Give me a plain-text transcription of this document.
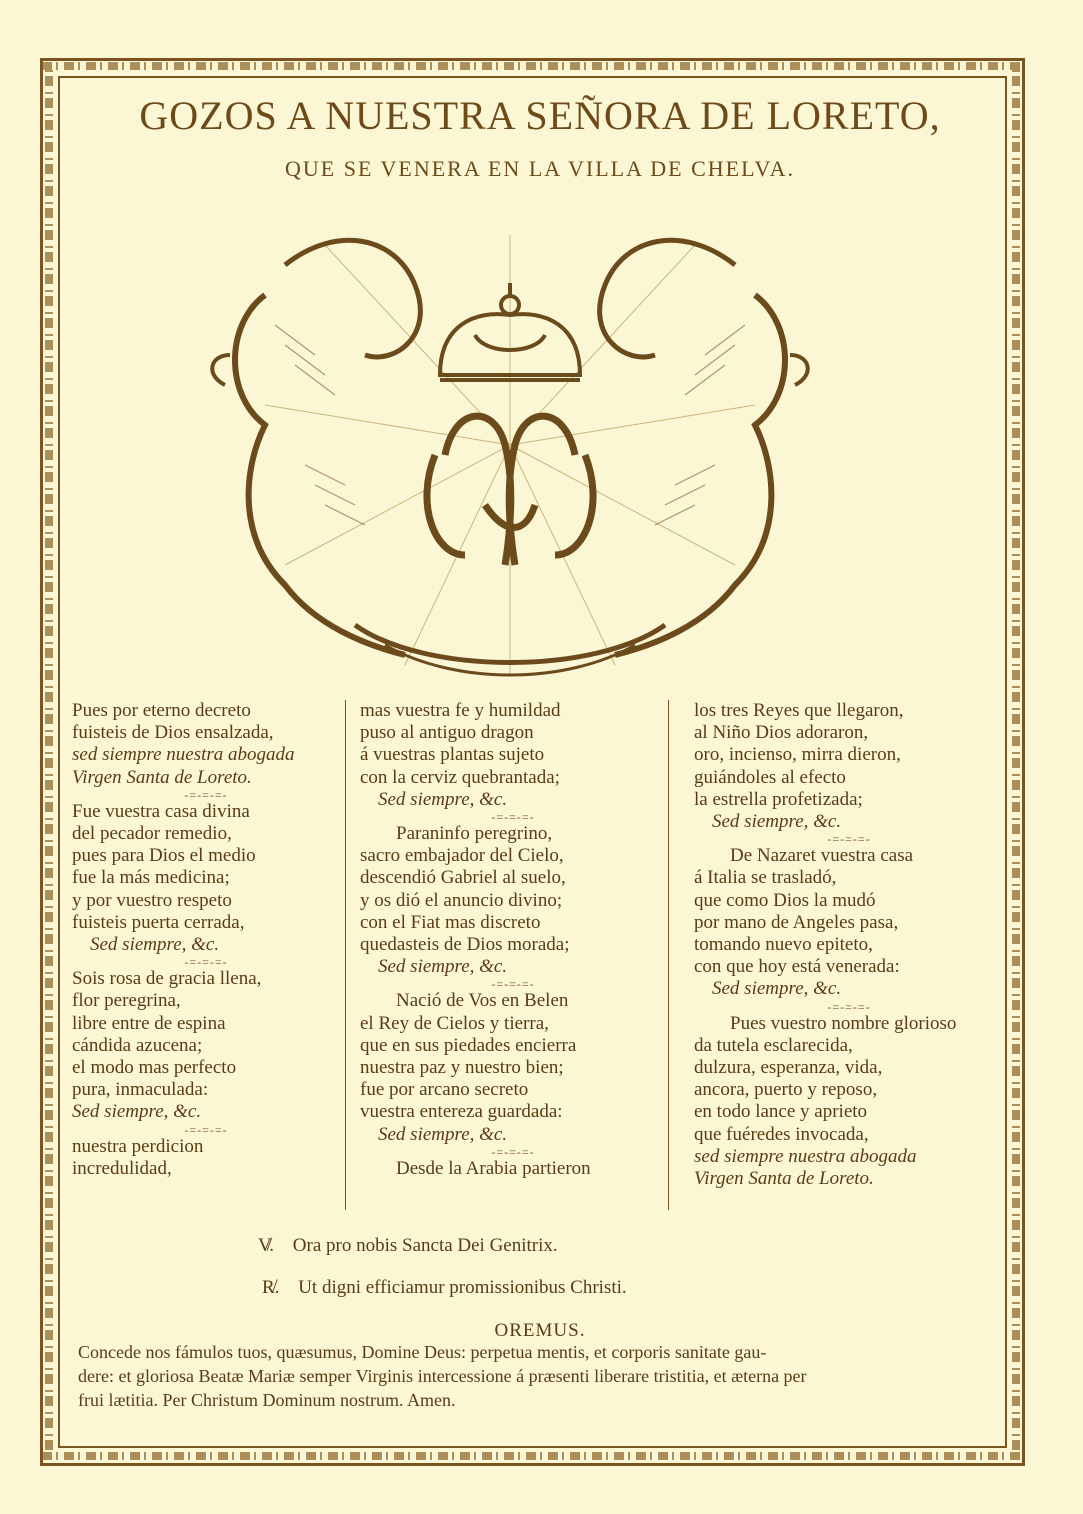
GOZOS A NUESTRA SEÑORA DE LORETO,
QUE SE VENERA EN LA VILLA DE CHELVA.
Pues por eterno decreto
fuisteis de Dios ensalzada,
sed siempre nuestra abogada
Virgen Santa de Loreto.
-=-=-=-
Fue vuestra casa divina
del pecador remedio,
pues para Dios el medio
fue la más medicina;
y por vuestro respeto
fuisteis puerta cerrada,
Sed siempre, &c.
-=-=-=-
Sois rosa de gracia llena,
flor peregrina,
libre entre de espina
cándida azucena;
el modo mas perfecto
pura, inmaculada:
Sed siempre, &c.
-=-=-=-
nuestra perdicion
incredulidad,
mas vuestra fe y humildad
puso al antiguo dragon
á vuestras plantas sujeto
con la cerviz quebrantada;
Sed siempre, &c.
-=-=-=-
Paraninfo peregrino,
sacro embajador del Cielo,
descendió Gabriel al suelo,
y os dió el anuncio divino;
con el Fiat mas discreto
quedasteis de Dios morada;
Sed siempre, &c.
-=-=-=-
Nació de Vos en Belen
el Rey de Cielos y tierra,
que en sus piedades encierra
nuestra paz y nuestro bien;
fue por arcano secreto
vuestra entereza guardada:
Sed siempre, &c.
-=-=-=-
Desde la Arabia partieron
los tres Reyes que llegaron,
al Niño Dios adoraron,
oro, incienso, mirra dieron,
guiándoles al efecto
la estrella profetizada;
Sed siempre, &c.
-=-=-=-
De Nazaret vuestra casa
á Italia se trasladó,
que como Dios la mudó
por mano de Angeles pasa,
tomando nuevo epiteto,
con que hoy está venerada:
Sed siempre, &c.
-=-=-=-
Pues vuestro nombre glorioso
da tutela esclarecida,
dulzura, esperanza, vida,
ancora, puerto y reposo,
en todo lance y aprieto
que fuéredes invocada,
sed siempre nuestra abogada
Virgen Santa de Loreto.
V̸. Ora pro nobis Sancta Dei Genitrix.
R̸. Ut digni efficiamur promissionibus Christi.
OREMUS.
Concede nos fámulos tuos, quæsumus, Domine Deus: perpetua mentis, et corporis sanitate gau-
dere: et gloriosa Beatæ Mariæ semper Virginis intercessione á præsenti liberare tristitia, et æterna per
frui lætitia. Per Christum Dominum nostrum. Amen.
